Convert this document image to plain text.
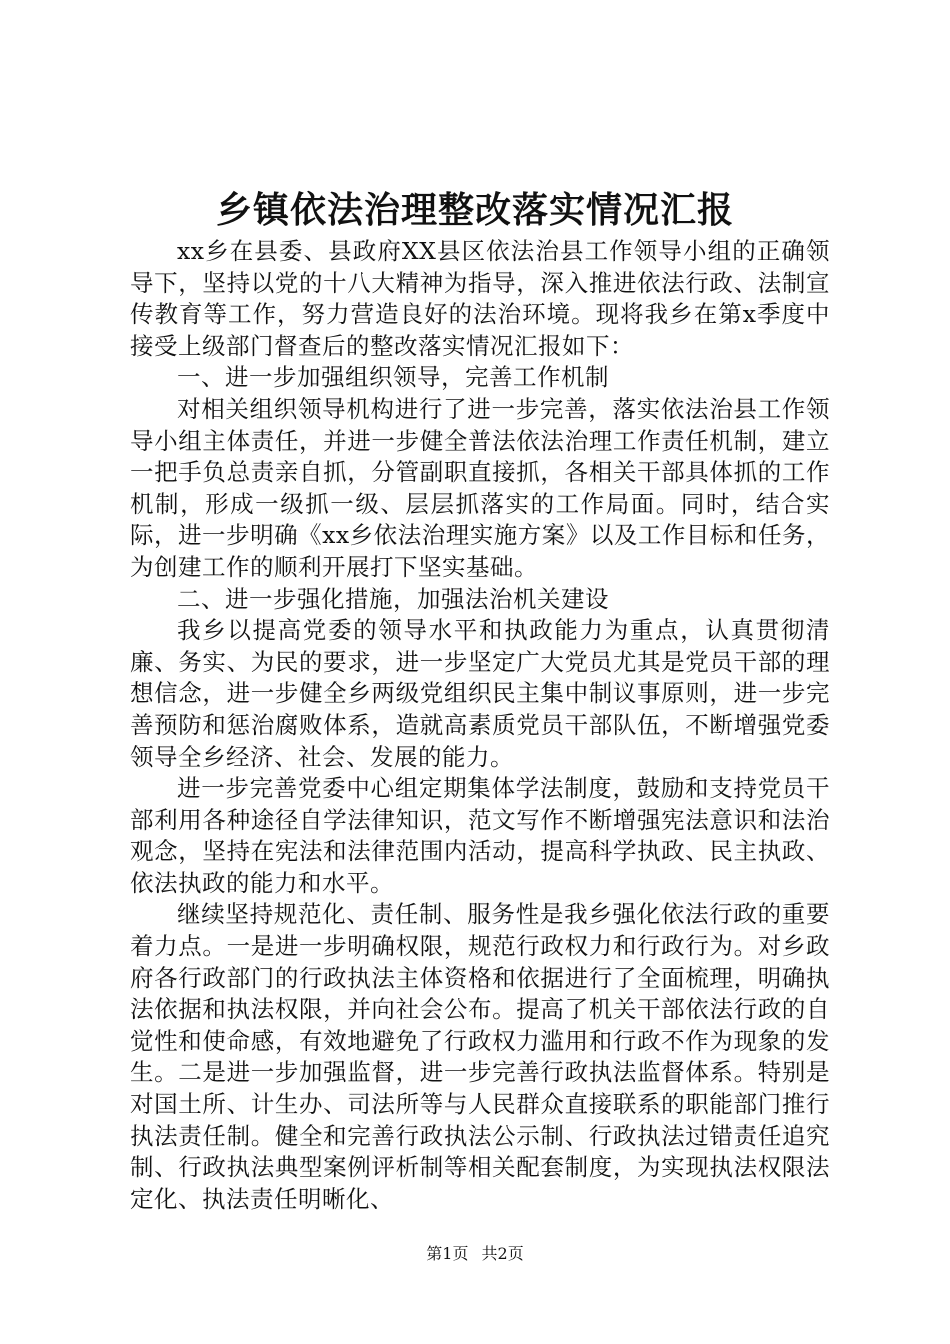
乡镇依法治理整改落实情况汇报

xx乡在县委、县政府XX县区依法治县工作领导小组的正确领导下，坚持以党的十八大精神为指导，深入推进依法行政、法制宣传教育等工作，努力营造良好的法治环境。现将我乡在第x季度中接受上级部门督查后的整改落实情况汇报如下：

一、进一步加强组织领导，完善工作机制

对相关组织领导机构进行了进一步完善，落实依法治县工作领导小组主体责任，并进一步健全普法依法治理工作责任机制，建立一把手负总责亲自抓，分管副职直接抓，各相关干部具体抓的工作机制，形成一级抓一级、层层抓落实的工作局面。同时，结合实际，进一步明确《xx乡依法治理实施方案》以及工作目标和任务，为创建工作的顺利开展打下坚实基础。

二、进一步强化措施，加强法治机关建设

我乡以提高党委的领导水平和执政能力为重点，认真贯彻清廉、务实、为民的要求，进一步坚定广大党员尤其是党员干部的理想信念，进一步健全乡两级党组织民主集中制议事原则，进一步完善预防和惩治腐败体系，造就高素质党员干部队伍，不断增强党委领导全乡经济、社会、发展的能力。

进一步完善党委中心组定期集体学法制度，鼓励和支持党员干部利用各种途径自学法律知识，范文写作不断增强宪法意识和法治观念，坚持在宪法和法律范围内活动，提高科学执政、民主执政、依法执政的能力和水平。

继续坚持规范化、责任制、服务性是我乡强化依法行政的重要着力点。一是进一步明确权限，规范行政权力和行政行为。对乡政府各行政部门的行政执法主体资格和依据进行了全面梳理，明确执法依据和执法权限，并向社会公布。提高了机关干部依法行政的自觉性和使命感，有效地避免了行政权力滥用和行政不作为现象的发生。二是进一步加强监督，进一步完善行政执法监督体系。特别是对国土所、计生办、司法所等与人民群众直接联系的职能部门推行执法责任制。健全和完善行政执法公示制、行政执法过错责任追究制、行政执法典型案例评析制等相关配套制度，为实现执法权限法定化、执法责任明晰化、

第1页 共2页
